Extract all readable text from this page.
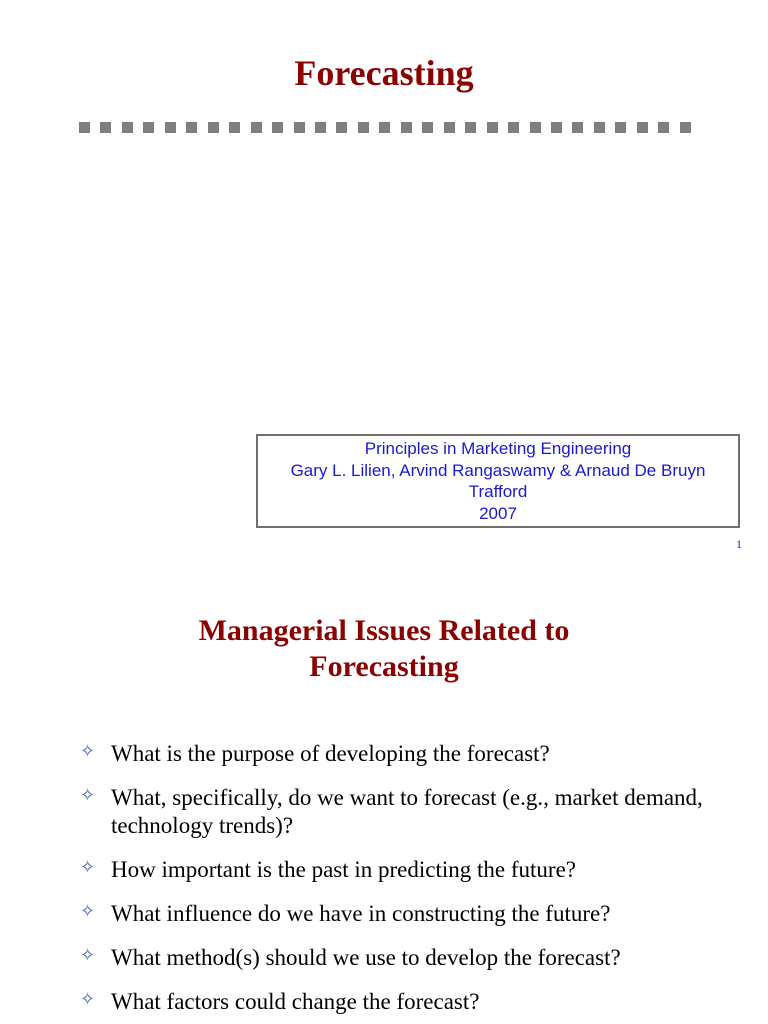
Forecasting
Principles in Marketing Engineering
Gary L. Lilien, Arvind Rangaswamy & Arnaud De Bruyn
Trafford
2007
1
Managerial Issues Related to
Forecasting
✧ What is the purpose of developing the forecast?
✧ What, specifically, do we want to forecast (e.g., market demand, technology trends)?
✧ How important is the past in predicting the future?
✧ What influence do we have in constructing the future?
✧ What method(s) should we use to develop the forecast?
✧ What factors could change the forecast?
